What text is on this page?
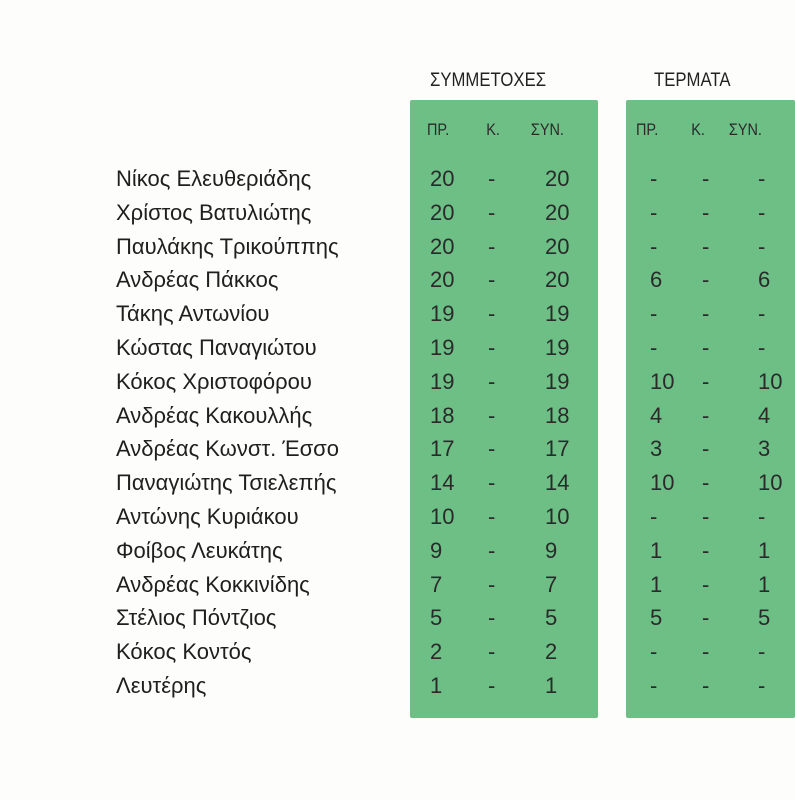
ΣΥΜΜΕΤΟΧΕΣ	ΤΕΡΜΑΤΑ
ΠΡ. Κ. ΣΥΝ.	ΠΡ. Κ. ΣΥΝ.
Νίκος Ελευθεριάδης	20 - 20	- - -
Χρίστος Βατυλιώτης	20 - 20	- - -
Παυλάκης Τρικούππης	20 - 20	- - -
Ανδρέας Πάκκος	20 - 20	6 - 6
Τάκης Αντωνίου	19 - 19	- - -
Κώστας Παναγιώτου	19 - 19	- - -
Κόκος Χριστοφόρου	19 - 19	10 - 10
Ανδρέας Κακουλλής	18 - 18	4 - 4
Ανδρέας Κωνστ. Έσσο	17 - 17	3 - 3
Παναγιώτης Τσιελεπής	14 - 14	10 - 10
Αντώνης Κυριάκου	10 - 10	- - -
Φοίβος Λευκάτης	9 - 9	1 - 1
Ανδρέας Κοκκινίδης	7 - 7	1 - 1
Στέλιος Πόντζιος	5 - 5	5 - 5
Κόκος Κοντός	2 - 2	- - -
Λευτέρης	1 - 1	- - -
